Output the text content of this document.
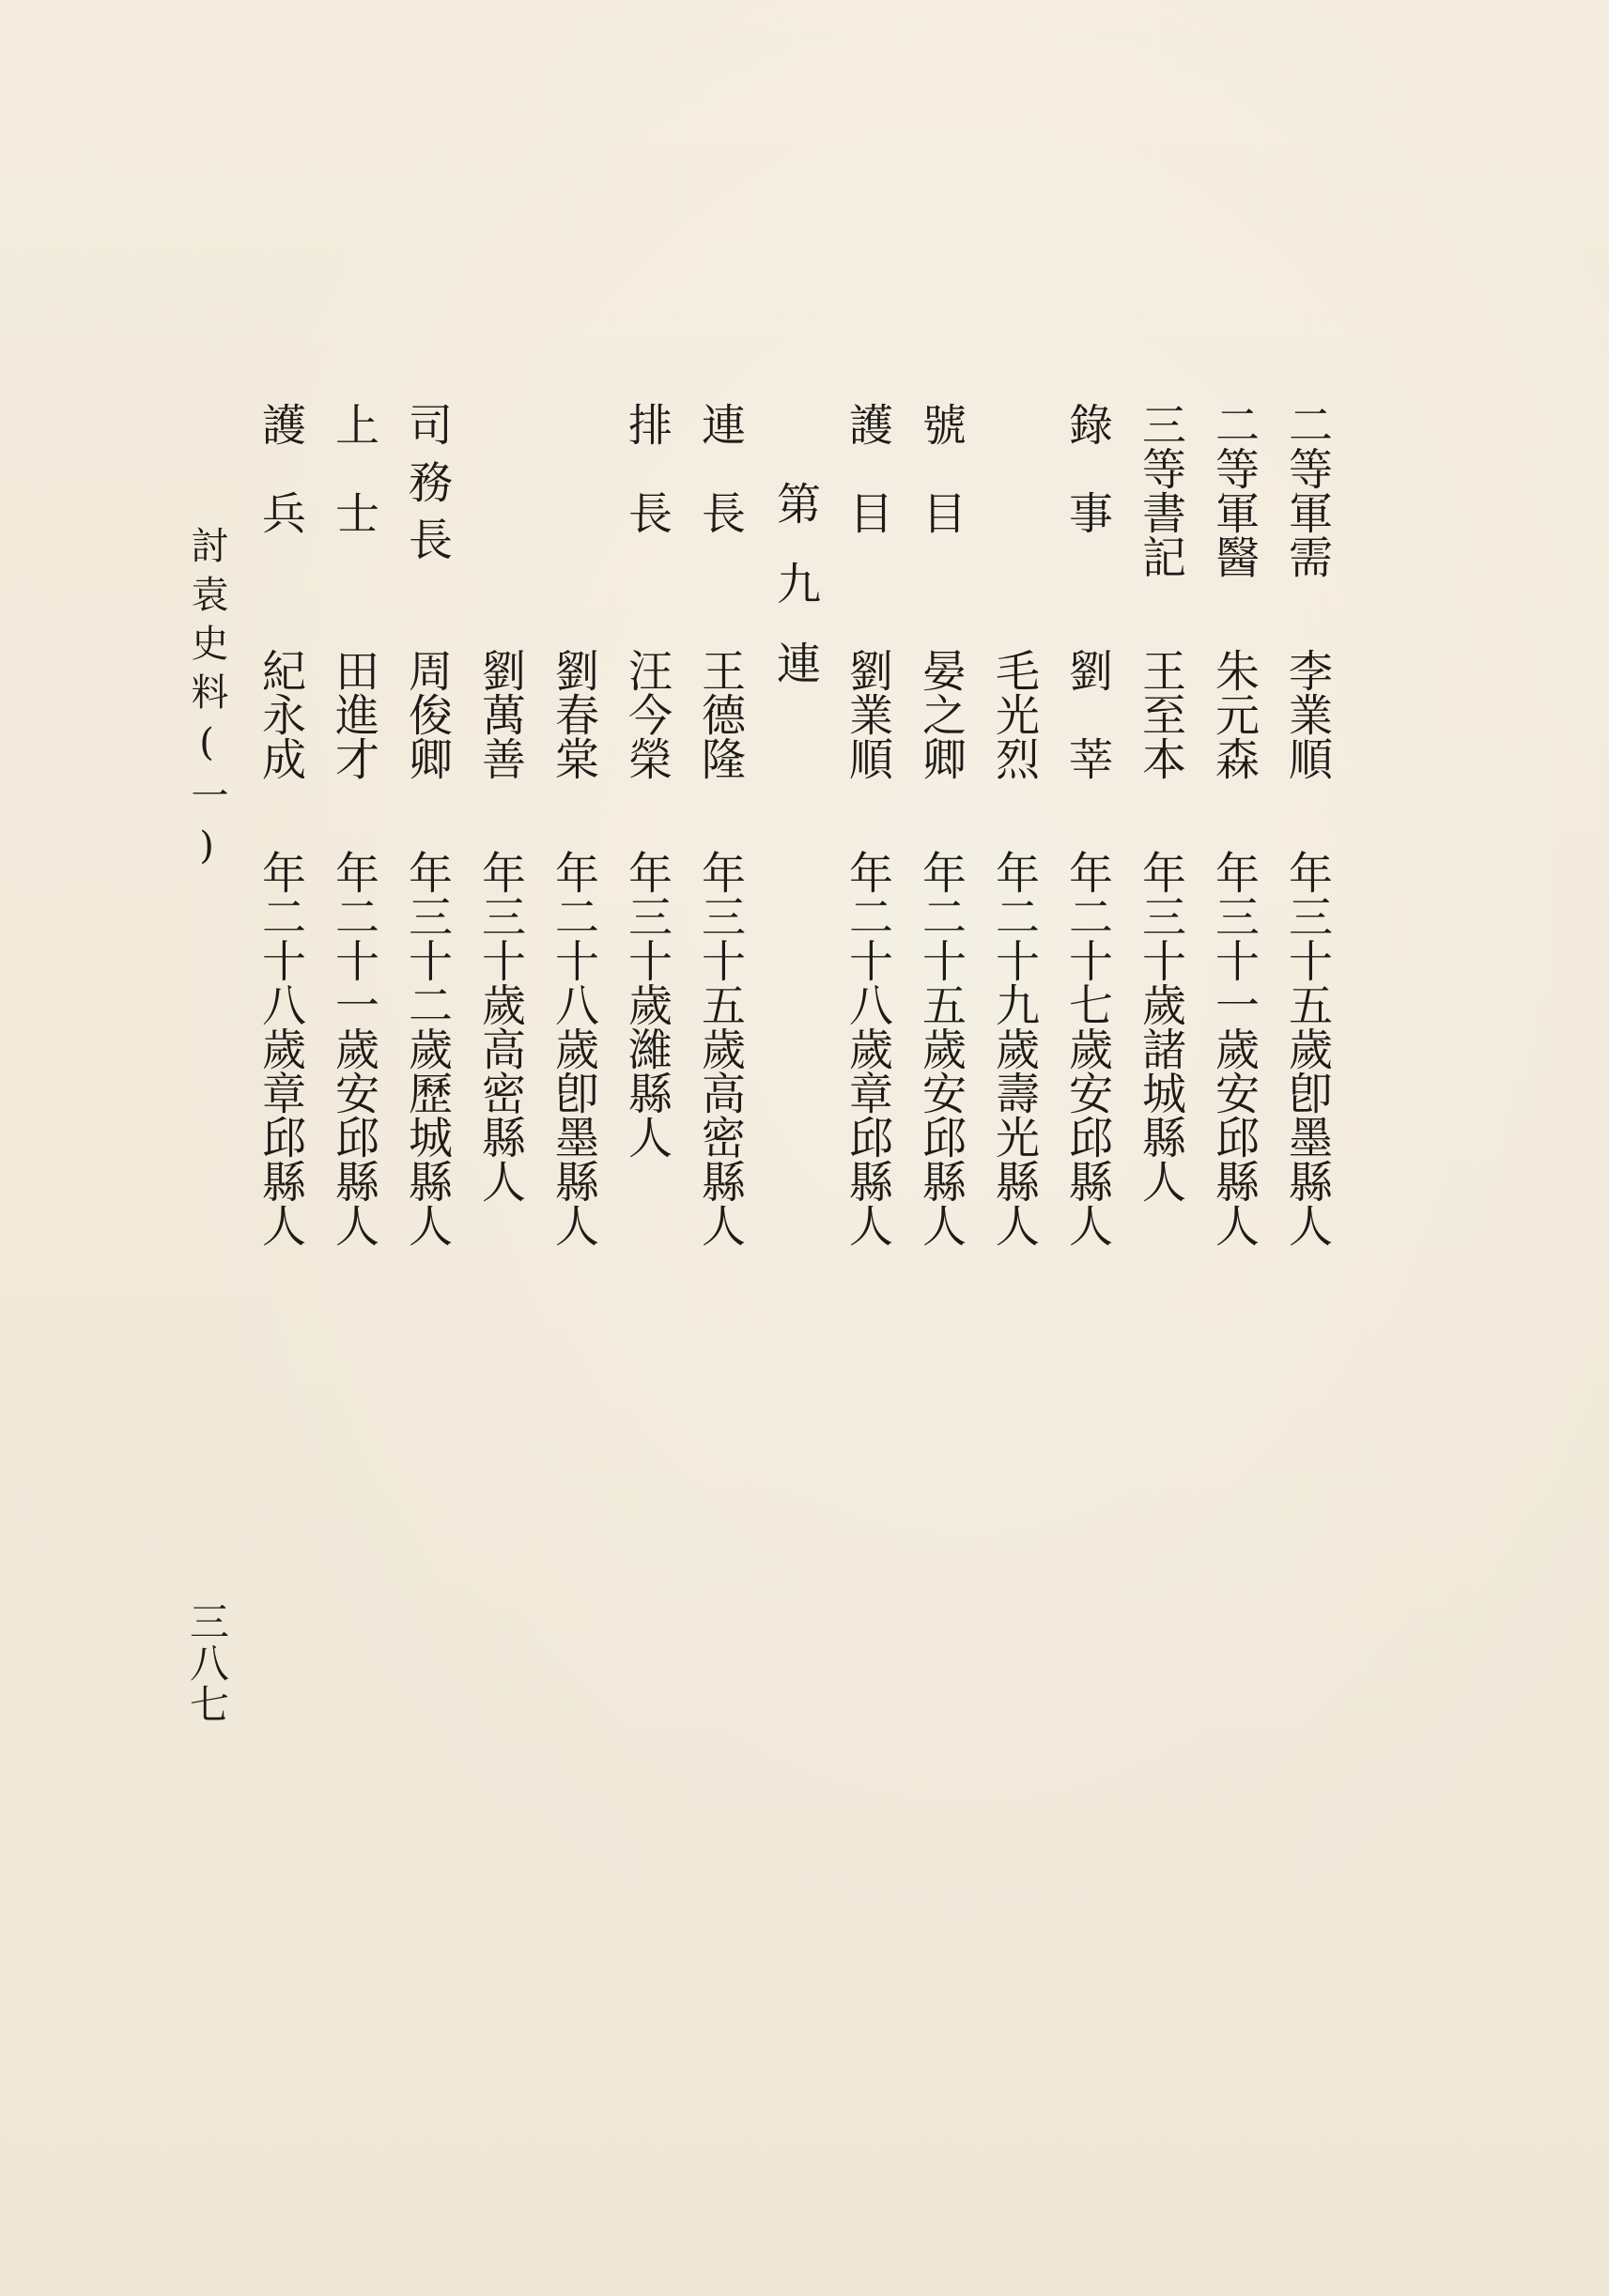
二等軍需
李業順
年三十五歲卽墨縣人
二等軍醫
朱元森
年三十一歲安邱縣人
三等書記
王至本
年三十歲諸城縣人
錄事
劉莘
年二十七歲安邱縣人
毛光烈
年二十九歲壽光縣人
號目
晏之卿
年二十五歲安邱縣人
護目
劉業順
年二十八歲章邱縣人
第九連
連長
王德隆
年三十五歲高密縣人
排長
汪今榮
年三十歲濰縣人
劉春棠
年二十八歲卽墨縣人
劉萬善
年三十歲高密縣人
司務長
周俊卿
年三十二歲歷城縣人
上士
田進才
年二十一歲安邱縣人
護兵
紀永成
年二十八歲章邱縣人
討袁史料(一)
三八七
